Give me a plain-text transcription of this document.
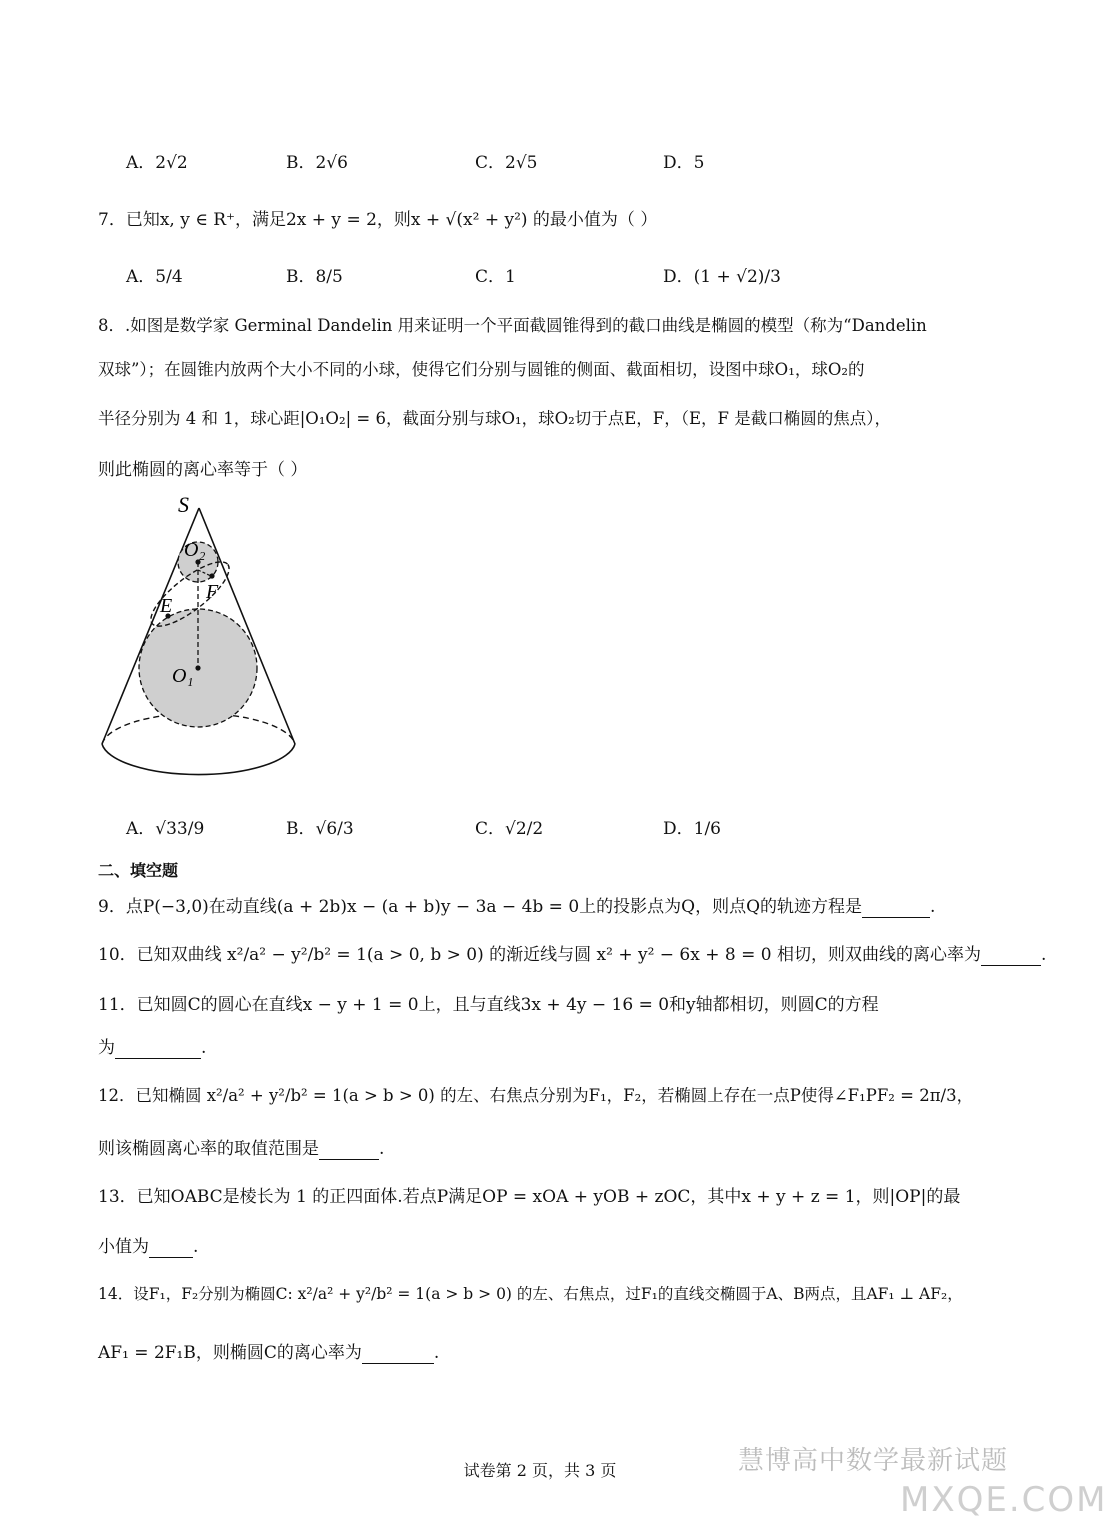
A．2√2	B．2√6	C．2√5	D．5
7．已知x, y ∈ R⁺，满足2x + y = 2，则x + √(x² + y²) 的最小值为（ ）
A．5/4	B．8/5	C．1	D．(1 + √2)/3
8．.如图是数学家 Germinal Dandelin 用来证明一个平面截圆锥得到的截口曲线是椭圆的模型（称为“Dandelin
双球”）；在圆锥内放两个大小不同的小球，使得它们分别与圆锥的侧面、截面相切，设图中球O₁，球O₂的
半径分别为 4 和 1，球心距|O₁O₂| = 6，截面分别与球O₁，球O₂切于点E，F，（E，F 是截口椭圆的焦点），
则此椭圆的离心率等于（ ）
S
O₂
F
E
O₁
A．√33/9	B．√6/3	C．√2/2	D．1/6
二、填空题
9．点P(−3,0)在动直线(a + 2b)x − (a + b)y − 3a − 4b = 0上的投影点为Q，则点Q的轨迹方程是	.
10．已知双曲线 x²/a² − y²/b² = 1(a > 0, b > 0) 的渐近线与圆 x² + y² − 6x + 8 = 0 相切，则双曲线的离心率为	.
11．已知圆C的圆心在直线x − y + 1 = 0上，且与直线3x + 4y − 16 = 0和y轴都相切，则圆C的方程
为	.
12．已知椭圆 x²/a² + y²/b² = 1(a > b > 0) 的左、右焦点分别为F₁，F₂，若椭圆上存在一点P使得∠F₁PF₂ = 2π/3，
则该椭圆离心率的取值范围是	.
13．已知OABC是棱长为 1 的正四面体.若点P满足OP = xOA + yOB + zOC，其中x + y + z = 1，则|OP|的最
小值为	.
14．设F₁，F₂分别为椭圆C: x²/a² + y²/b² = 1(a > b > 0) 的左、右焦点，过F₁的直线交椭圆于A、B两点，且AF₁ ⊥ AF₂，
AF₁ = 2F₁B，则椭圆C的离心率为	.
试卷第 2 页，共 3 页	慧博高中数学最新试题
MXQE.COM
